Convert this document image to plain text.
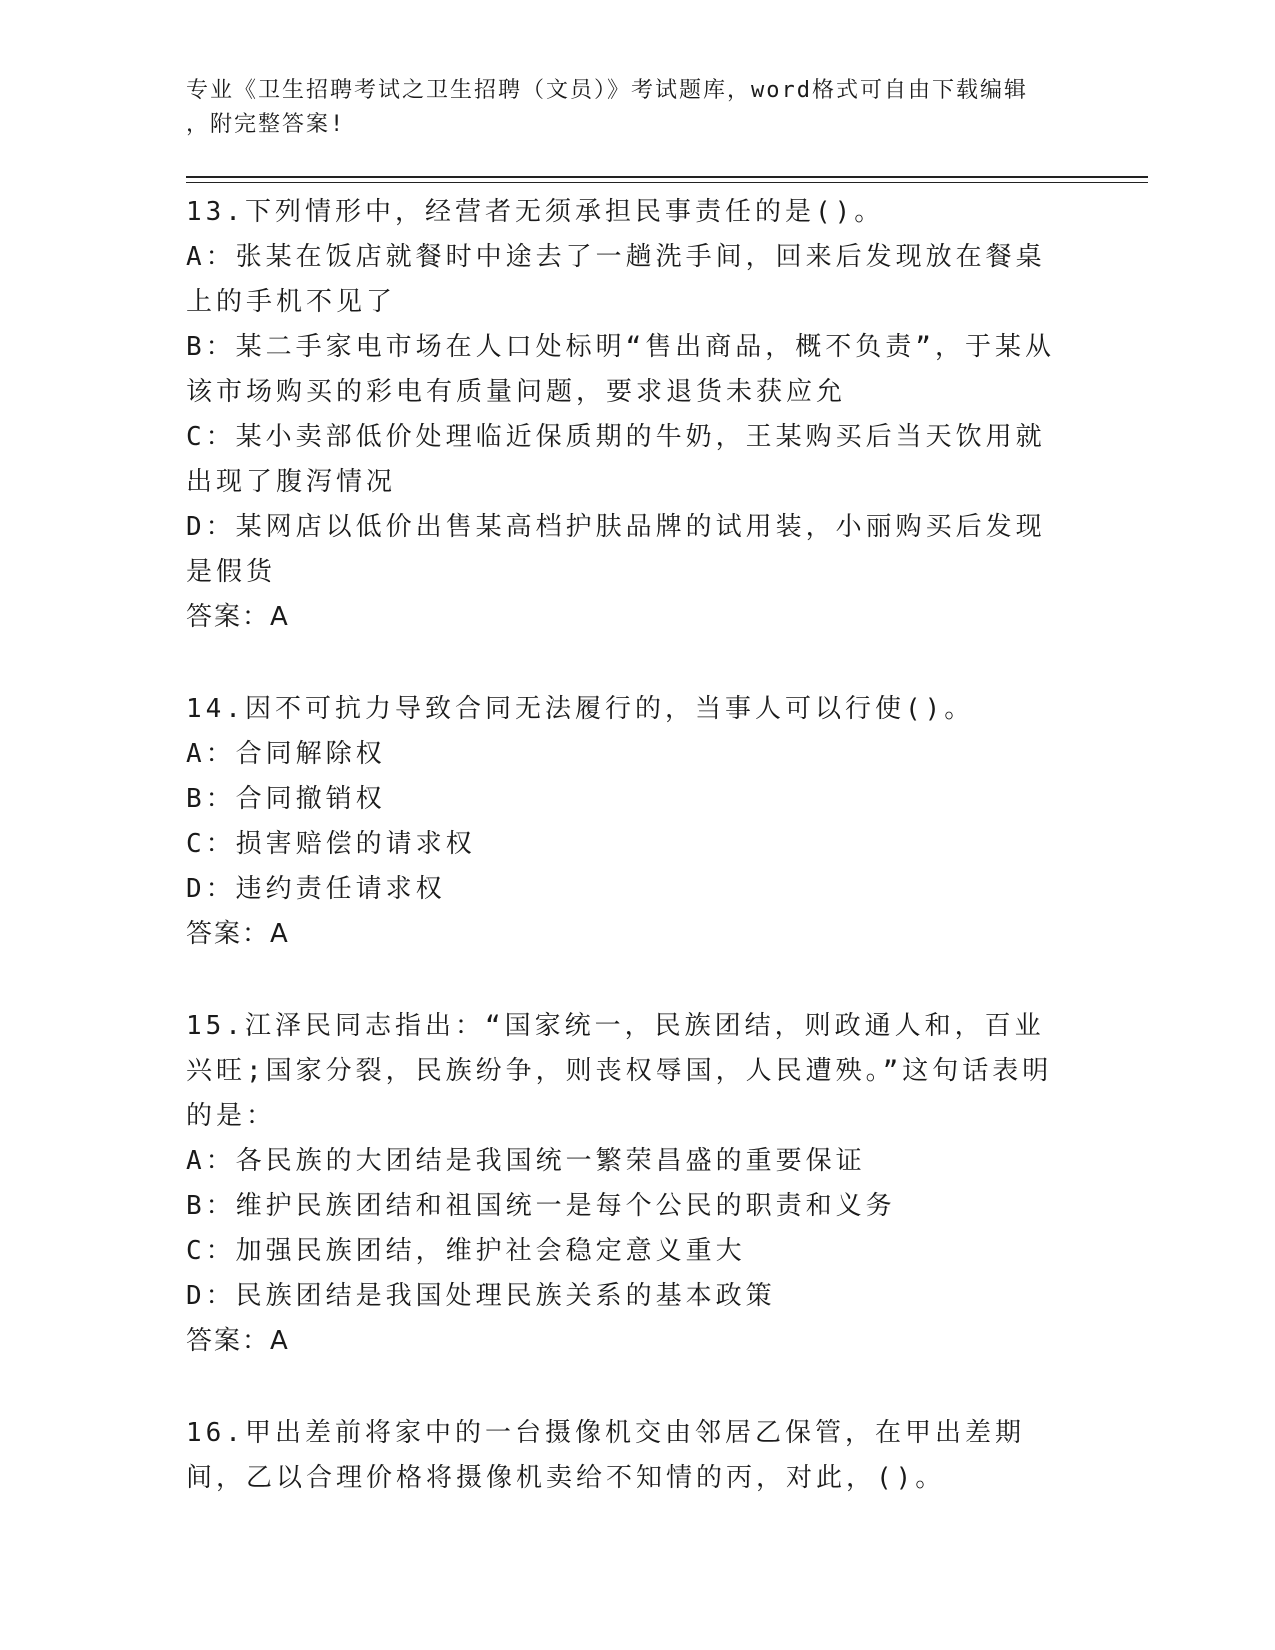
专业《卫生招聘考试之卫生招聘（文员）》考试题库，word格式可自由下载编辑
，附完整答案!
13.下列情形中，经营者无须承担民事责任的是()。
A：张某在饭店就餐时中途去了一趟洗手间，回来后发现放在餐桌上的手机不见了
B：某二手家电市场在人口处标明“售出商品，概不负责”，于某从该市场购买的彩电有质量问题，要求退货未获应允
C：某小卖部低价处理临近保质期的牛奶，王某购买后当天饮用就出现了腹泻情况
D：某网店以低价出售某高档护肤品牌的试用装，小丽购买后发现是假货
答案：A
14.因不可抗力导致合同无法履行的，当事人可以行使()。
A：合同解除权
B：合同撤销权
C：损害赔偿的请求权
D：违约责任请求权
答案：A
15.江泽民同志指出：“国家统一，民族团结，则政通人和，百业兴旺;国家分裂，民族纷争，则丧权辱国，人民遭殃。”这句话表明的是：
A：各民族的大团结是我国统一繁荣昌盛的重要保证
B：维护民族团结和祖国统一是每个公民的职责和义务
C：加强民族团结，维护社会稳定意义重大
D：民族团结是我国处理民族关系的基本政策
答案：A
16.甲出差前将家中的一台摄像机交由邻居乙保管，在甲出差期间，乙以合理价格将摄像机卖给不知情的丙，对此，()。
